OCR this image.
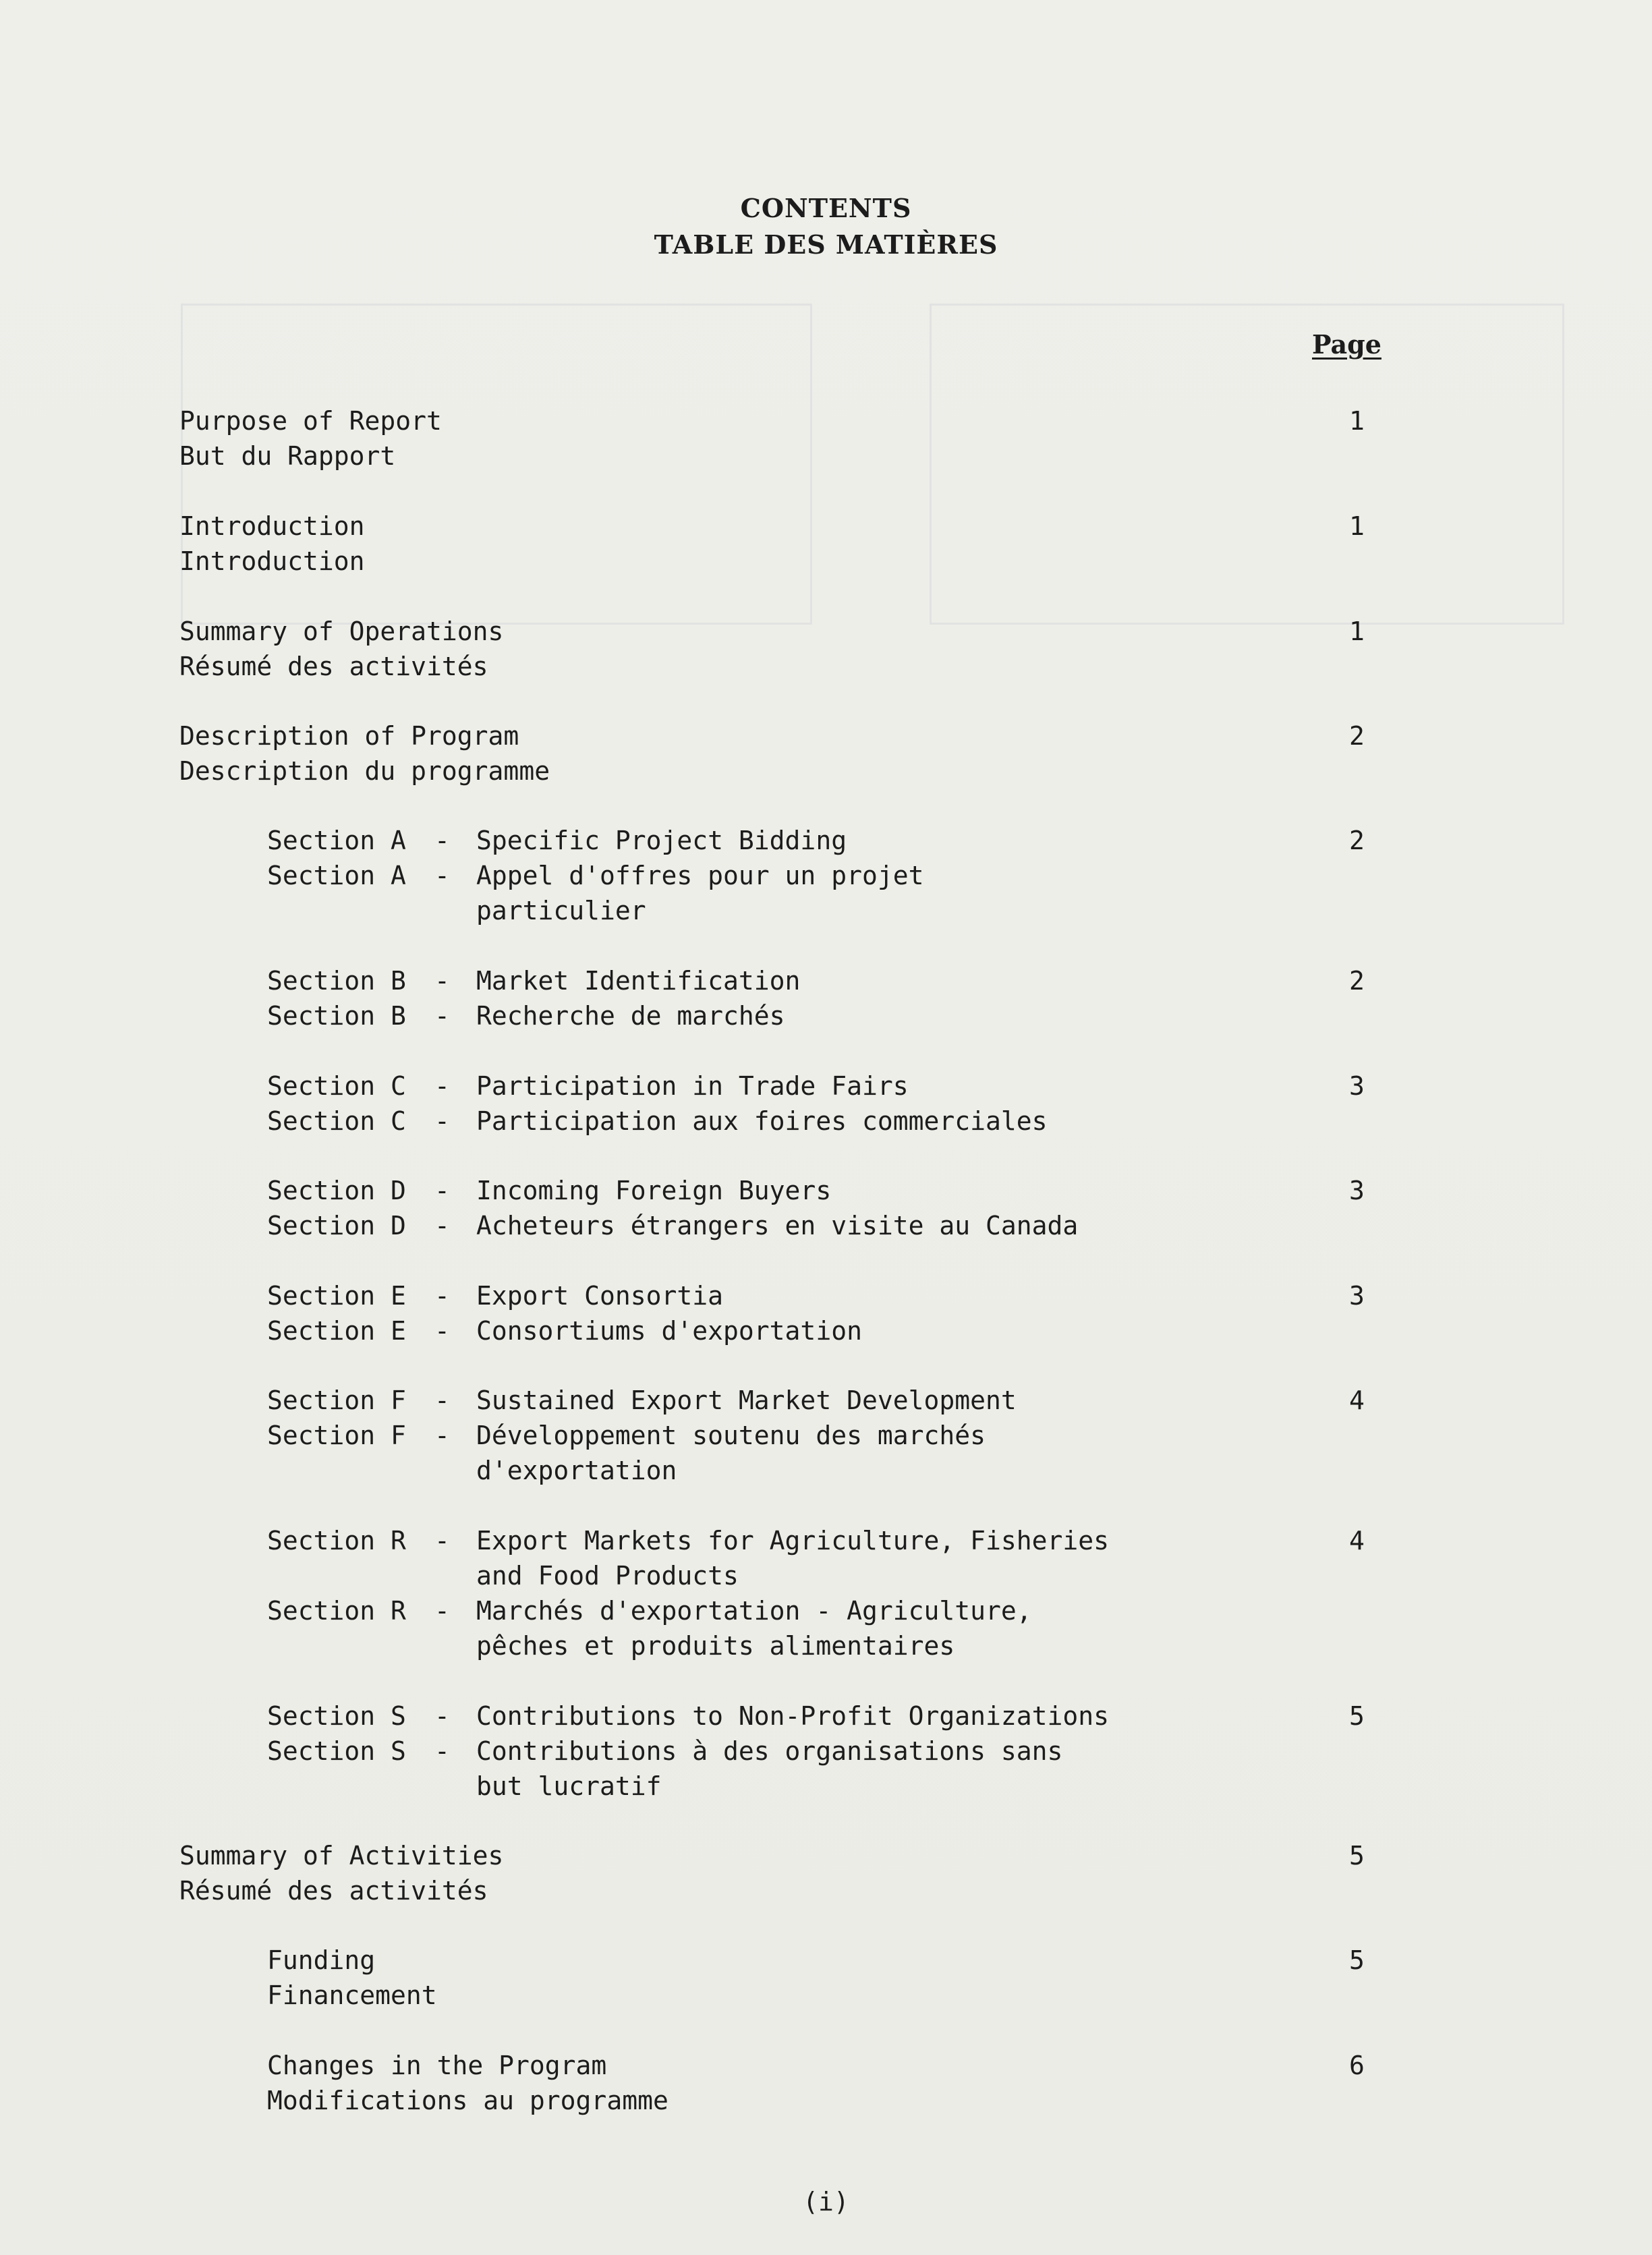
CONTENTS
TABLE DES MATIÈRES
Page
Purpose of Report
But du Rapport
1
Introduction
Introduction
1
Summary of Operations
Résumé des activités
1
Description of Program
Description du programme
2
Section A - Specific Project Bidding
Section A - Appel d'offres pour un projet
particulier
2
Section B - Market Identification
Section B - Recherche de marchés
2
Section C - Participation in Trade Fairs
Section C - Participation aux foires commerciales
3
Section D - Incoming Foreign Buyers
Section D - Acheteurs étrangers en visite au Canada
3
Section E - Export Consortia
Section E - Consortiums d'exportation
3
Section F - Sustained Export Market Development
Section F - Développement soutenu des marchés
d'exportation
4
Section R - Export Markets for Agriculture, Fisheries
and Food Products
Section R - Marchés d'exportation - Agriculture,
pêches et produits alimentaires
4
Section S - Contributions to Non-Profit Organizations
Section S - Contributions à des organisations sans
but lucratif
5
Summary of Activities
Résumé des activités
5
Funding
Financement
5
Changes in the Program
Modifications au programme
6
(i)
